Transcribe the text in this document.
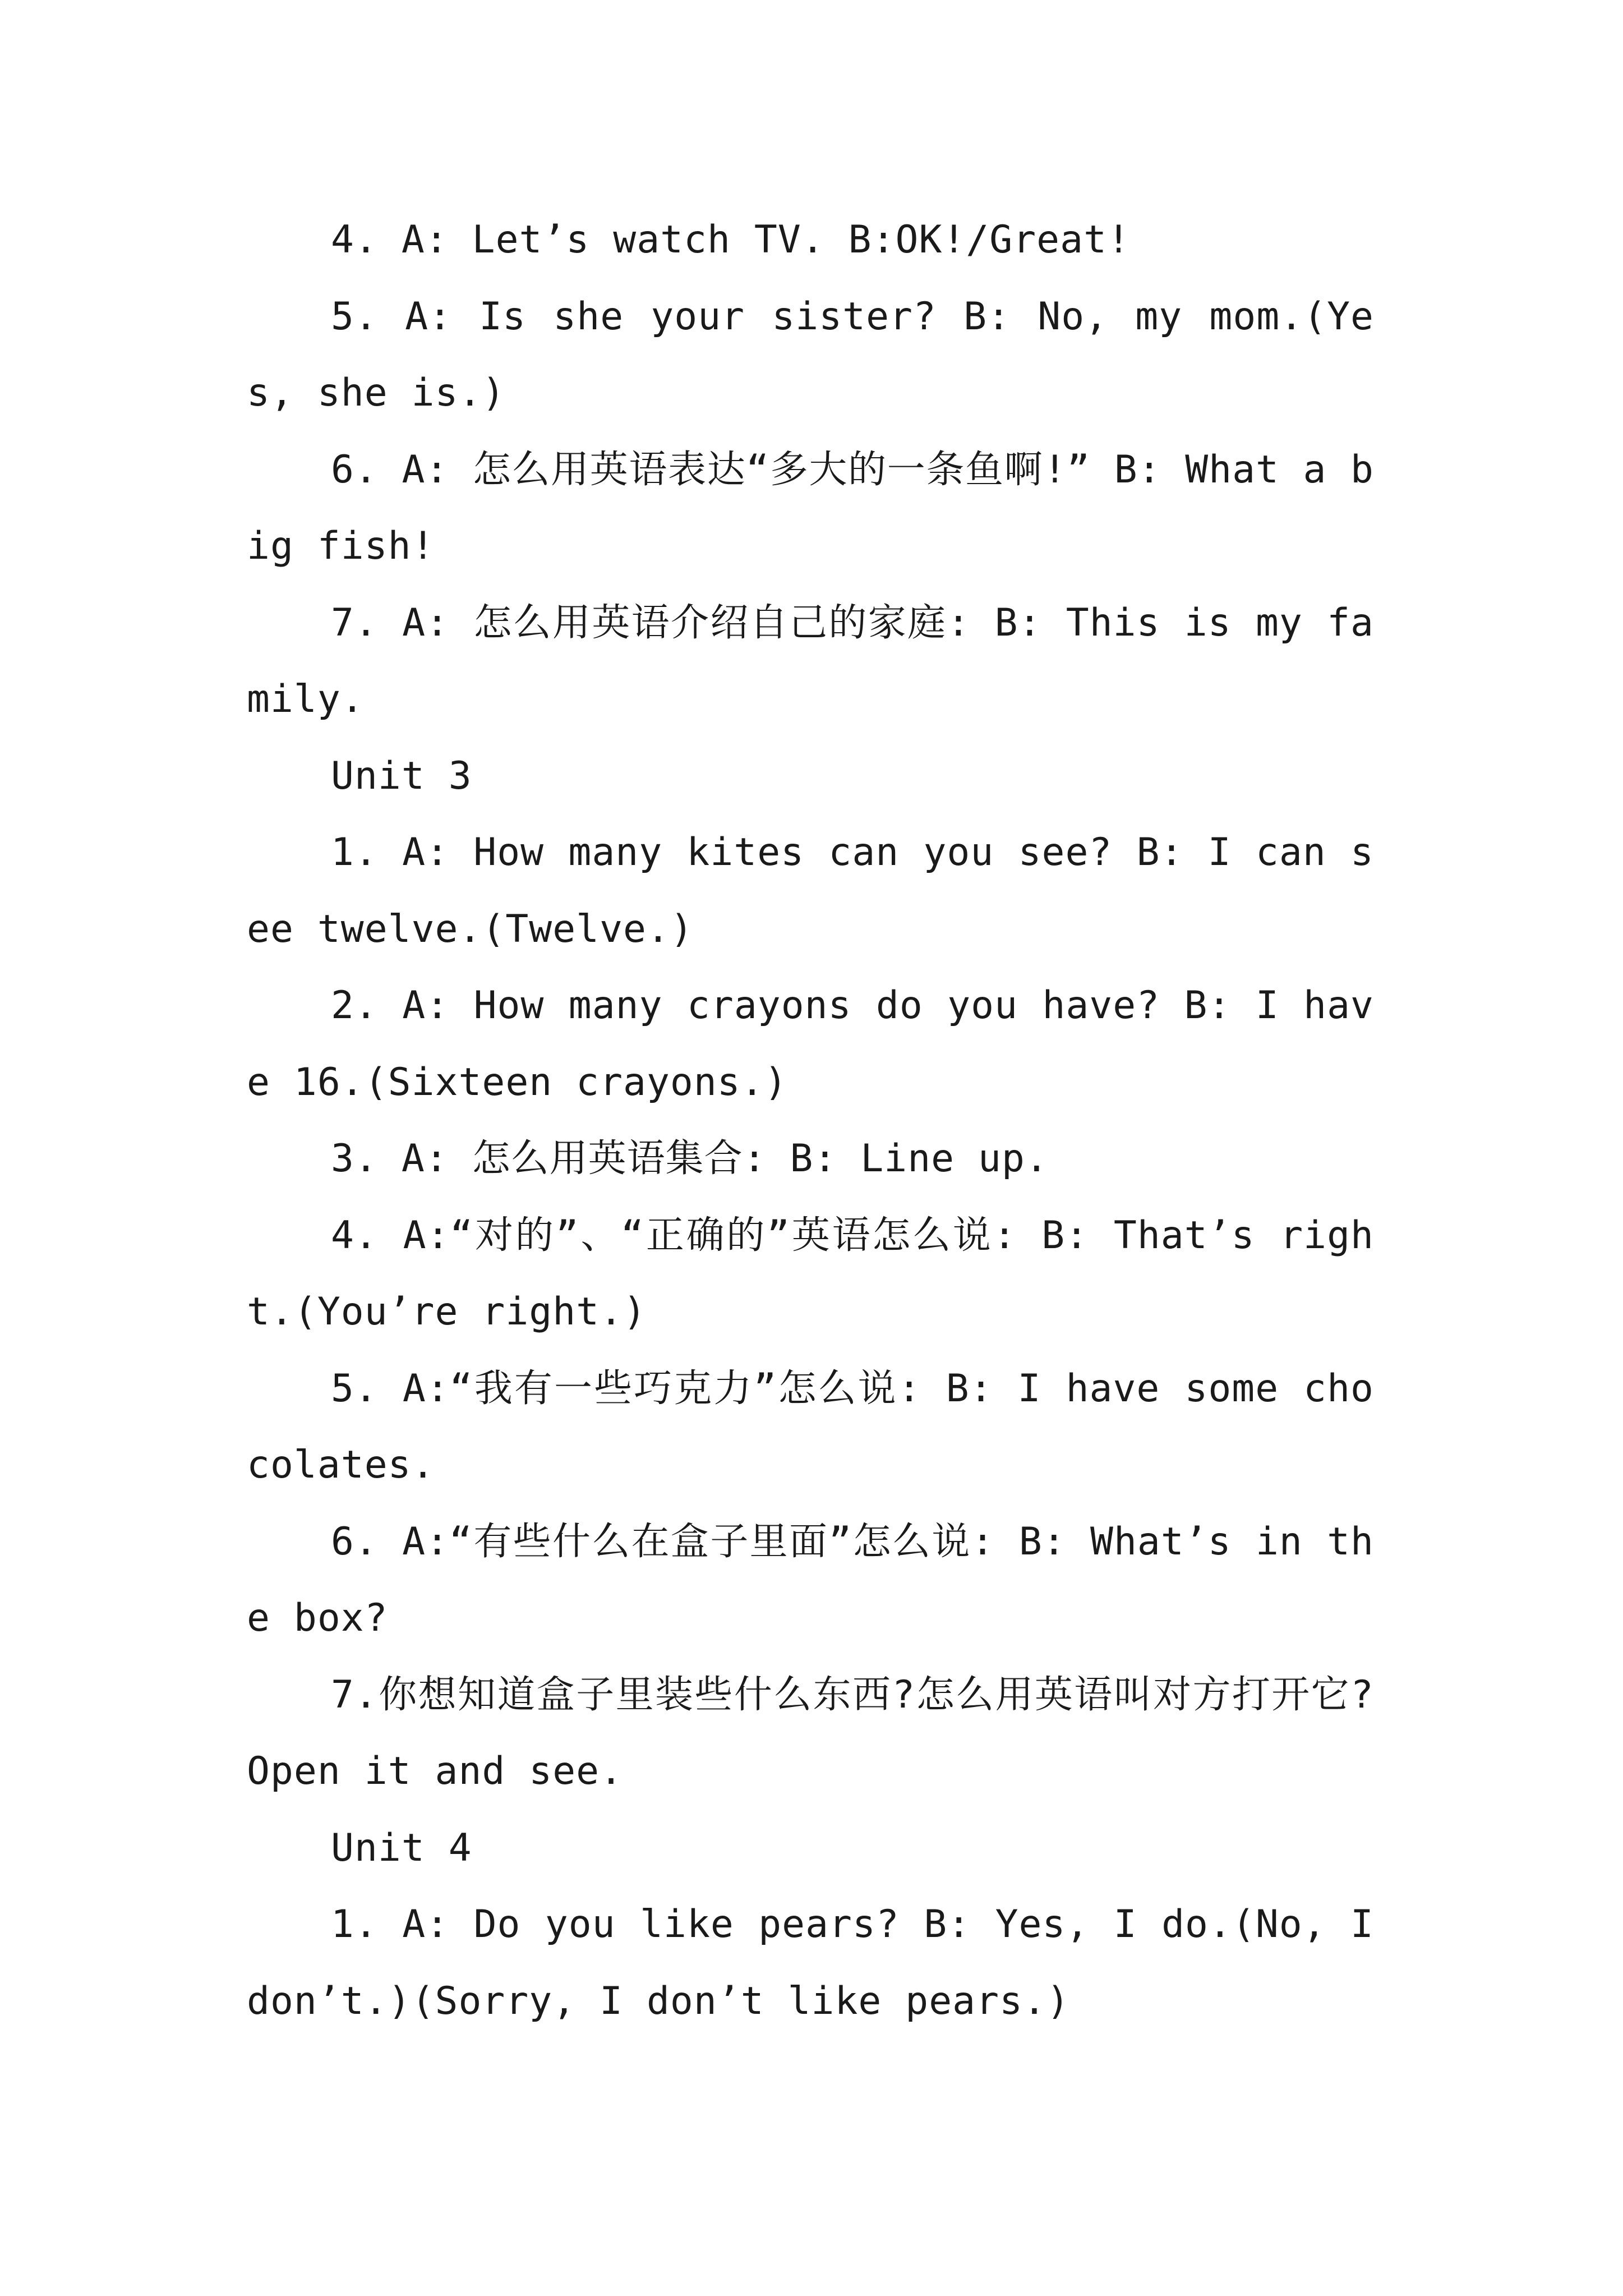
4. A: Let’s watch TV. B:OK!/Great!

5. A: Is she your sister? B: No, my mom.(Yes, she is.)

6. A: 怎么用英语表达“多大的一条鱼啊!” B: What a big fish!

7. A: 怎么用英语介绍自己的家庭: B: This is my family.

Unit 3

1. A: How many kites can you see? B: I can see twelve.(Twelve.)

2. A: How many crayons do you have? B: I have 16.(Sixteen crayons.)

3. A: 怎么用英语集合: B: Line up.

4. A:“对的”、“正确的”英语怎么说: B: That’s right.(You’re right.)

5. A:“我有一些巧克力”怎么说: B: I have some chocolates.

6. A:“有些什么在盒子里面”怎么说: B: What’s in the box?

7.你想知道盒子里装些什么东西?怎么用英语叫对方打开它?Open it and see.

Unit 4

1. A: Do you like pears? B: Yes, I do.(No, I don’t.)(Sorry, I don’t like pears.)
